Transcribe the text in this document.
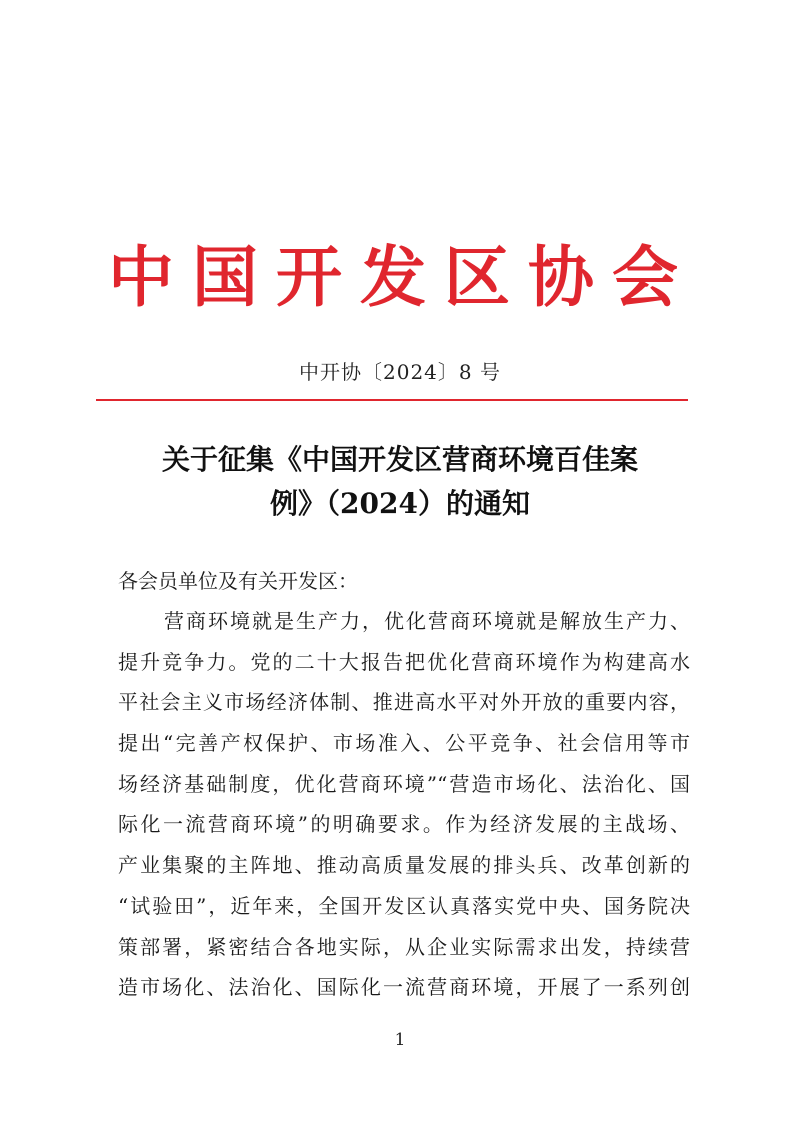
中 国 开 发 区 协 会
中开协〔2024〕8 号
关于征集《中国开发区营商环境百佳案
例》（2024）的通知
各会员单位及有关开发区：
营商环境就是生产力，优化营商环境就是解放生产力、
提升竞争力。党的二十大报告把优化营商环境作为构建高水
平社会主义市场经济体制、推进高水平对外开放的重要内容，
提出“完善产权保护、市场准入、公平竞争、社会信用等市
场经济基础制度，优化营商环境”“营造市场化、法治化、国
际化一流营商环境”的明确要求。作为经济发展的主战场、
产业集聚的主阵地、推动高质量发展的排头兵、改革创新的
“试验田”，近年来，全国开发区认真落实党中央、国务院决
策部署，紧密结合各地实际，从企业实际需求出发，持续营
造市场化、法治化、国际化一流营商环境，开展了一系列创
1
